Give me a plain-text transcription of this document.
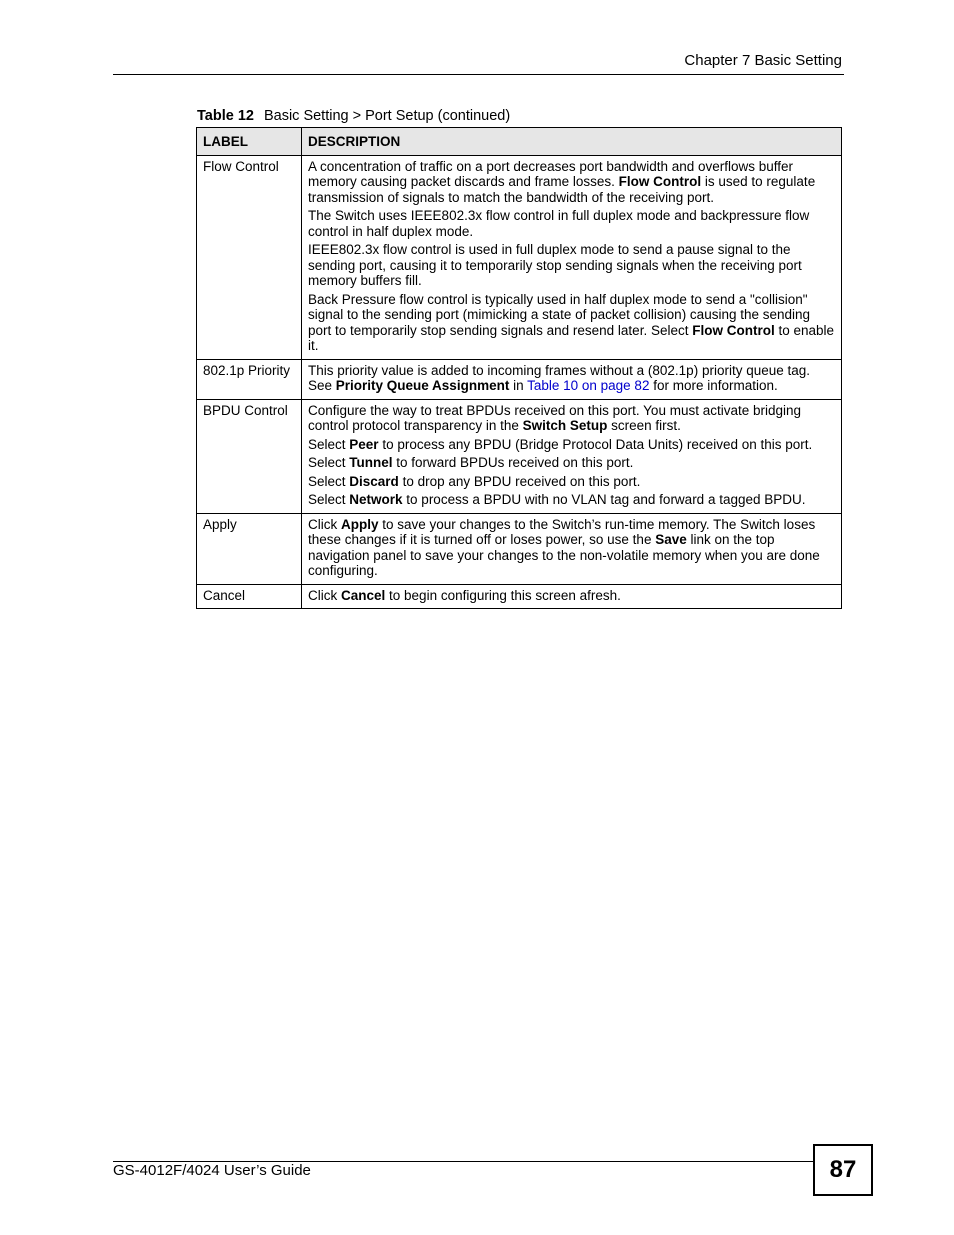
Chapter 7 Basic Setting
Table 12 Basic Setting > Port Setup (continued)
LABEL	DESCRIPTION
Flow Control	A concentration of traffic on a port decreases port bandwidth and overflows buffer memory causing packet discards and frame losses. Flow Control is used to regulate transmission of signals to match the bandwidth of the receiving port.

The Switch uses IEEE802.3x flow control in full duplex mode and backpressure flow control in half duplex mode.

IEEE802.3x flow control is used in full duplex mode to send a pause signal to the sending port, causing it to temporarily stop sending signals when the receiving port memory buffers fill.

Back Pressure flow control is typically used in half duplex mode to send a "collision" signal to the sending port (mimicking a state of packet collision) causing the sending port to temporarily stop sending signals and resend later. Select Flow Control to enable it.

802.1p Priority	This priority value is added to incoming frames without a (802.1p) priority queue tag. See Priority Queue Assignment in Table 10 on page 82 for more information.

BPDU Control	Configure the way to treat BPDUs received on this port. You must activate bridging control protocol transparency in the Switch Setup screen first.

Select Peer to process any BPDU (Bridge Protocol Data Units) received on this port.

Select Tunnel to forward BPDUs received on this port.

Select Discard to drop any BPDU received on this port.

Select Network to process a BPDU with no VLAN tag and forward a tagged BPDU.

Apply	Click Apply to save your changes to the Switch’s run-time memory. The Switch loses these changes if it is turned off or loses power, so use the Save link on the top navigation panel to save your changes to the non-volatile memory when you are done configuring.

Cancel	Click Cancel to begin configuring this screen afresh.

GS-4012F/4024 User’s Guide	87
